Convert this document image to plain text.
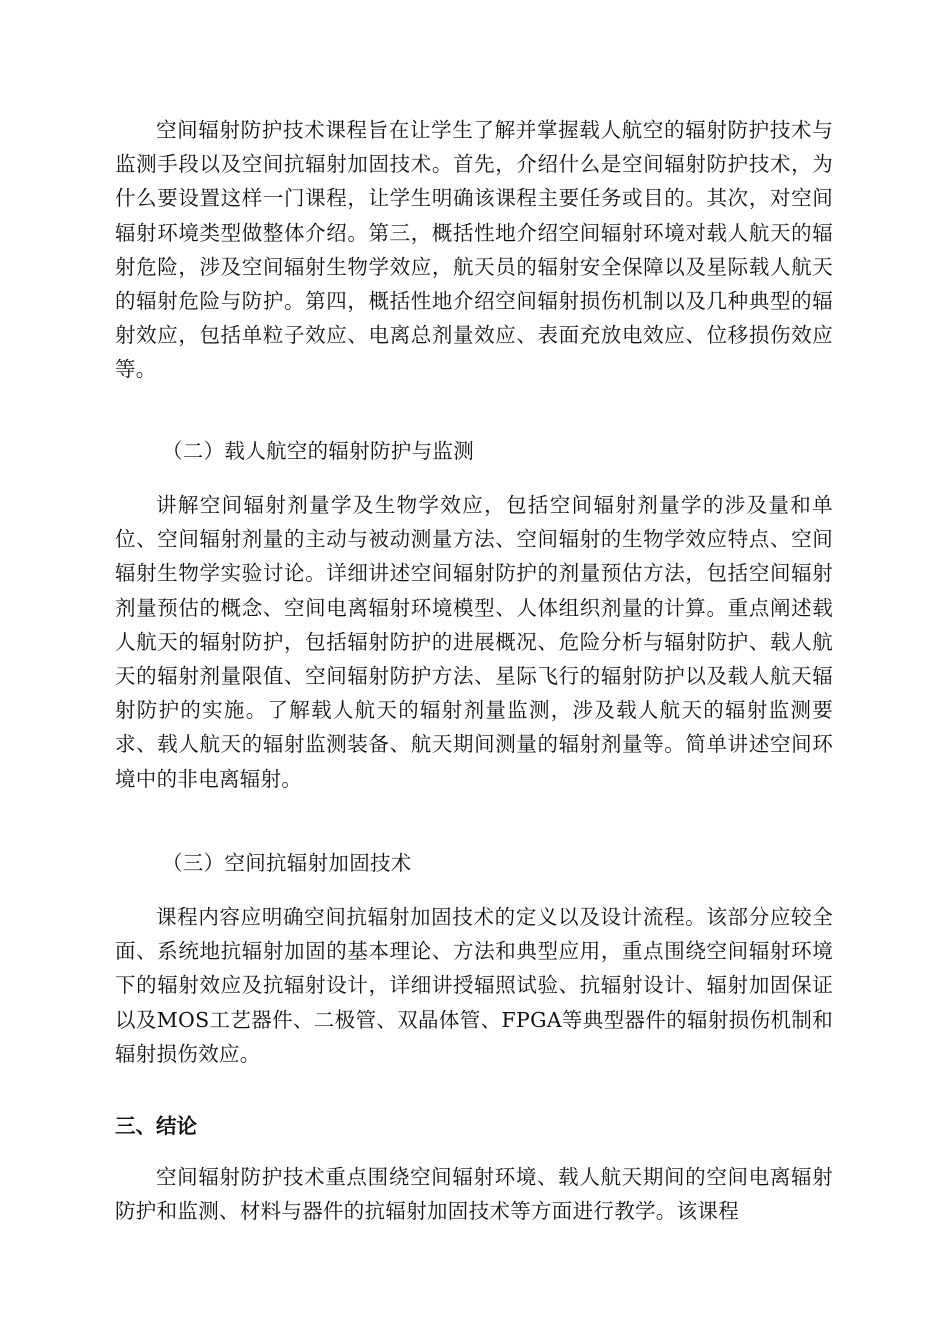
空间辐射防护技术课程旨在让学生了解并掌握载人航空的辐射防护技术与监测手段以及空间抗辐射加固技术。首先，介绍什么是空间辐射防护技术，为什么要设置这样一门课程，让学生明确该课程主要任务或目的。其次，对空间辐射环境类型做整体介绍。第三，概括性地介绍空间辐射环境对载人航天的辐射危险，涉及空间辐射生物学效应，航天员的辐射安全保障以及星际载人航天的辐射危险与防护。第四，概括性地介绍空间辐射损伤机制以及几种典型的辐射效应，包括单粒子效应、电离总剂量效应、表面充放电效应、位移损伤效应等。

（二）载人航空的辐射防护与监测

讲解空间辐射剂量学及生物学效应，包括空间辐射剂量学的涉及量和单位、空间辐射剂量的主动与被动测量方法、空间辐射的生物学效应特点、空间辐射生物学实验讨论。详细讲述空间辐射防护的剂量预估方法，包括空间辐射剂量预估的概念、空间电离辐射环境模型、人体组织剂量的计算。重点阐述载人航天的辐射防护，包括辐射防护的进展概况、危险分析与辐射防护、载人航天的辐射剂量限值、空间辐射防护方法、星际飞行的辐射防护以及载人航天辐射防护的实施。了解载人航天的辐射剂量监测，涉及载人航天的辐射监测要求、载人航天的辐射监测装备、航天期间测量的辐射剂量等。简单讲述空间环境中的非电离辐射。

（三）空间抗辐射加固技术

课程内容应明确空间抗辐射加固技术的定义以及设计流程。该部分应较全面、系统地抗辐射加固的基本理论、方法和典型应用，重点围绕空间辐射环境下的辐射效应及抗辐射设计，详细讲授辐照试验、抗辐射设计、辐射加固保证以及MOS工艺器件、二极管、双晶体管、FPGA等典型器件的辐射损伤机制和辐射损伤效应。

三、结论

空间辐射防护技术重点围绕空间辐射环境、载人航天期间的空间电离辐射防护和监测、材料与器件的抗辐射加固技术等方面进行教学。该课程
